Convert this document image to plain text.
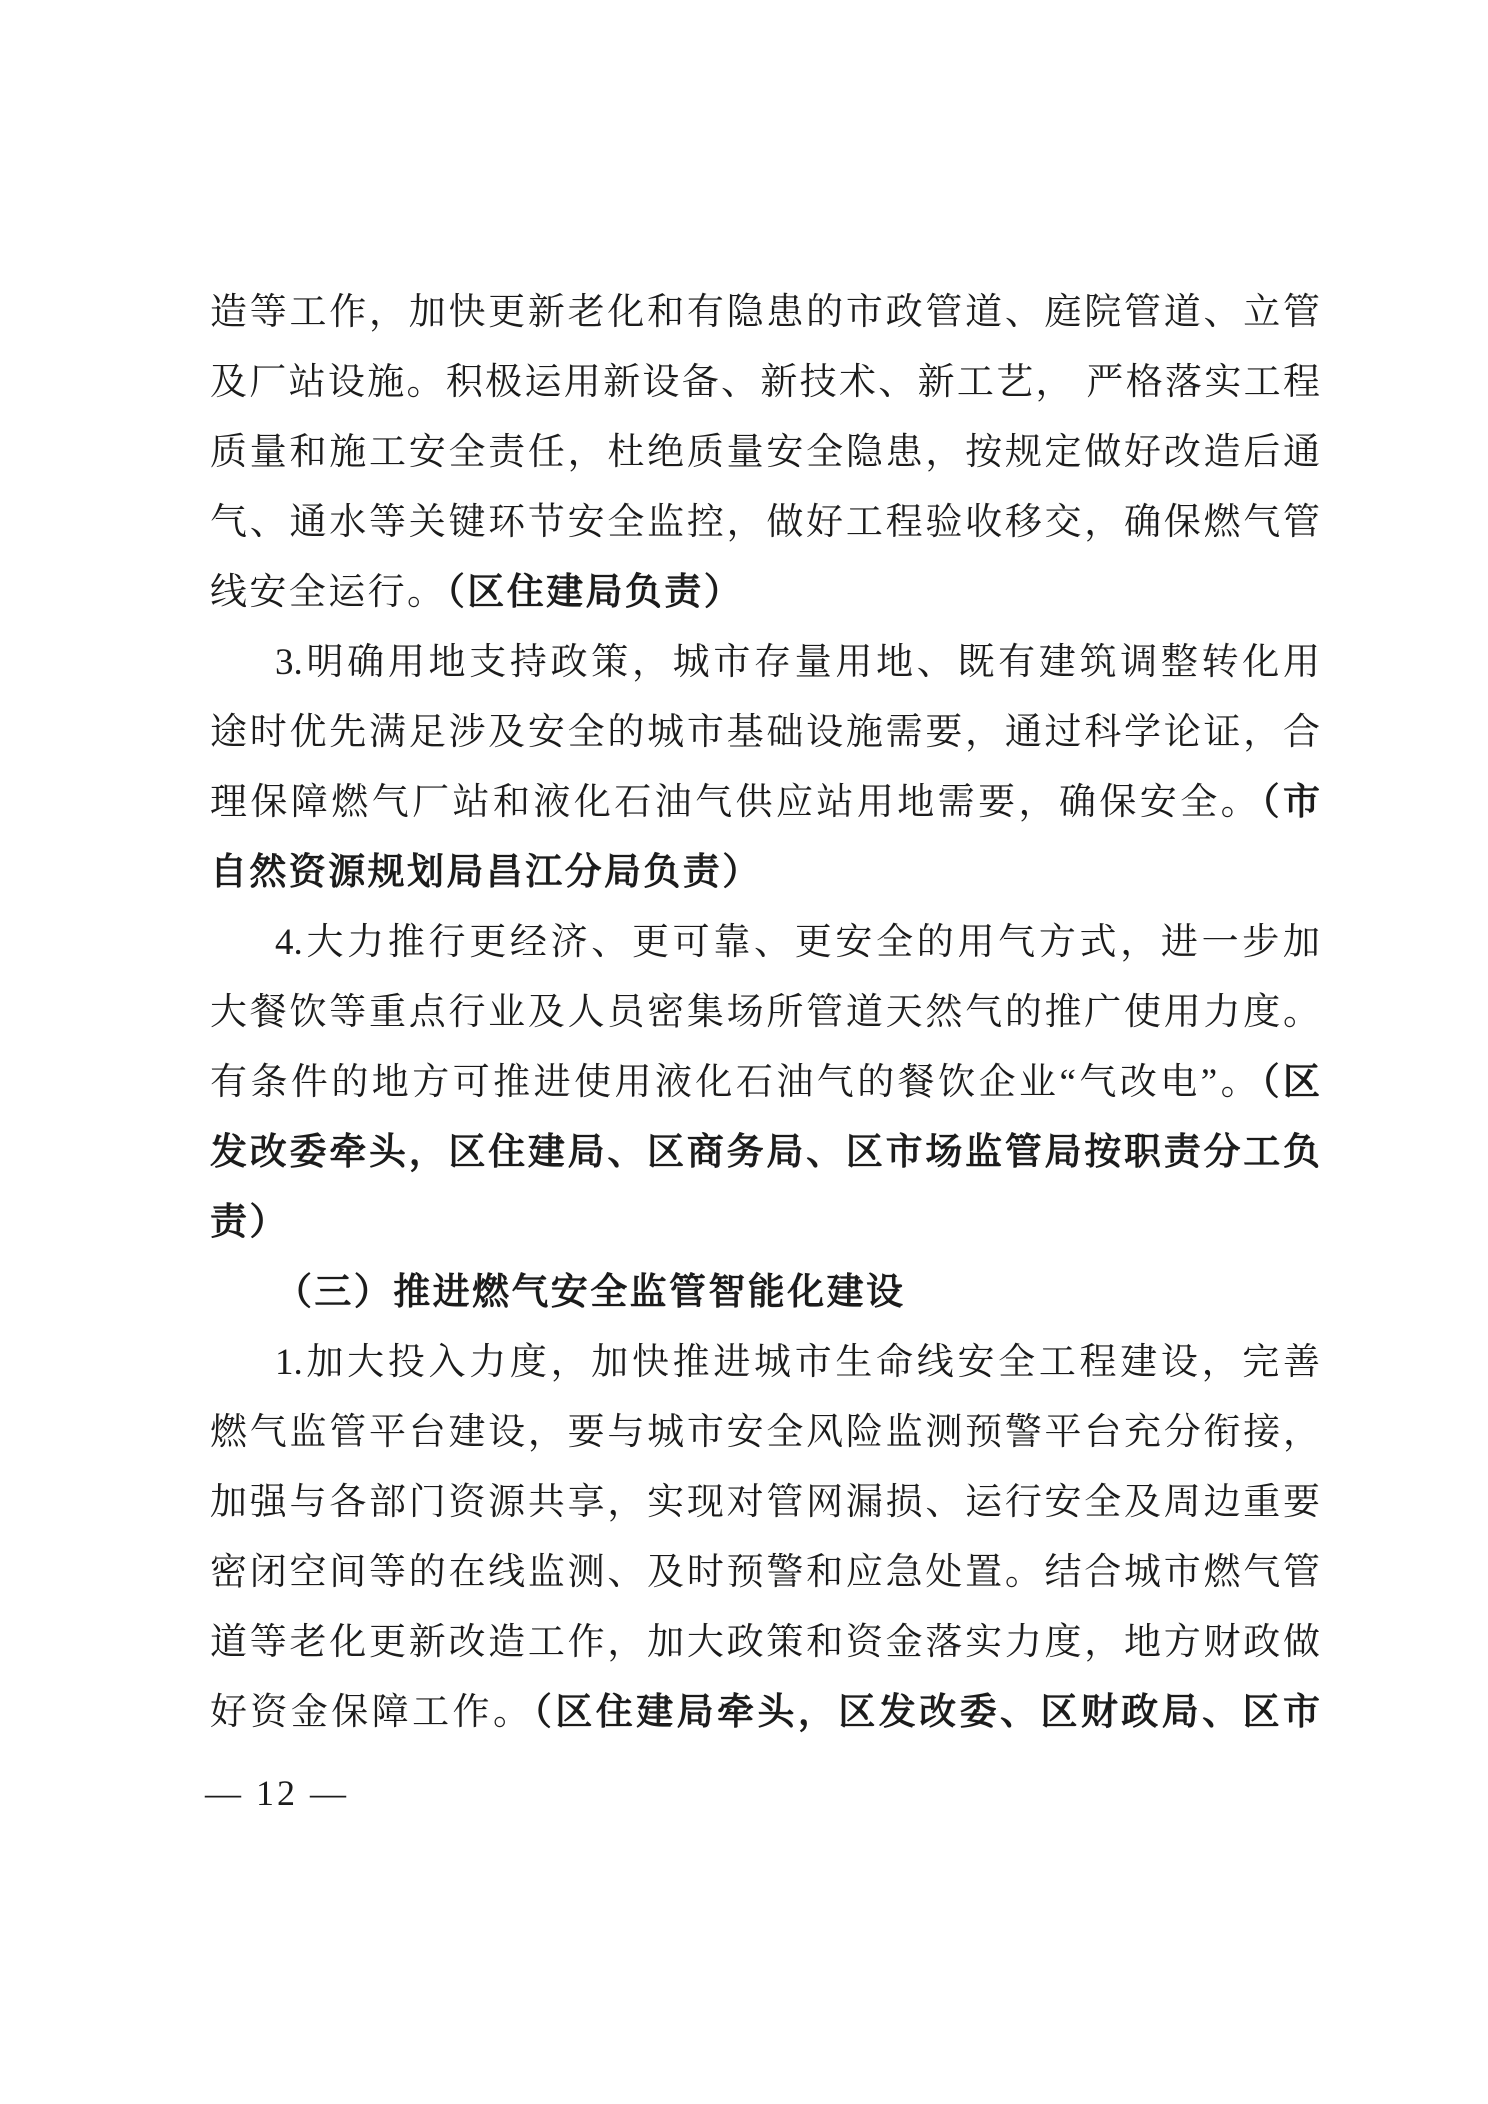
造等工作，加快更新老化和有隐患的市政管道、庭院管道、立管
及厂站设施。积极运用新设备、新技术、新工艺， 严格落实工程
质量和施工安全责任，杜绝质量安全隐患，按规定做好改造后通
气、通水等关键环节安全监控，做好工程验收移交，确保燃气管
线安全运行。（区住建局负责）
3.明确用地支持政策，城市存量用地、既有建筑调整转化用
途时优先满足涉及安全的城市基础设施需要，通过科学论证，合
理保障燃气厂站和液化石油气供应站用地需要，确保安全。（市
自然资源规划局昌江分局负责）
4.大力推行更经济、更可靠、更安全的用气方式，进一步加
大餐饮等重点行业及人员密集场所管道天然气的推广使用力度。
有条件的地方可推进使用液化石油气的餐饮企业“气改电”。（区
发改委牵头，区住建局、区商务局、区市场监管局按职责分工负
责）
（三）推进燃气安全监管智能化建设
1.加大投入力度，加快推进城市生命线安全工程建设，完善
燃气监管平台建设，要与城市安全风险监测预警平台充分衔接，
加强与各部门资源共享，实现对管网漏损、运行安全及周边重要
密闭空间等的在线监测、及时预警和应急处置。结合城市燃气管
道等老化更新改造工作，加大政策和资金落实力度，地方财政做
好资金保障工作。（区住建局牵头，区发改委、区财政局、区市
— 12 —
